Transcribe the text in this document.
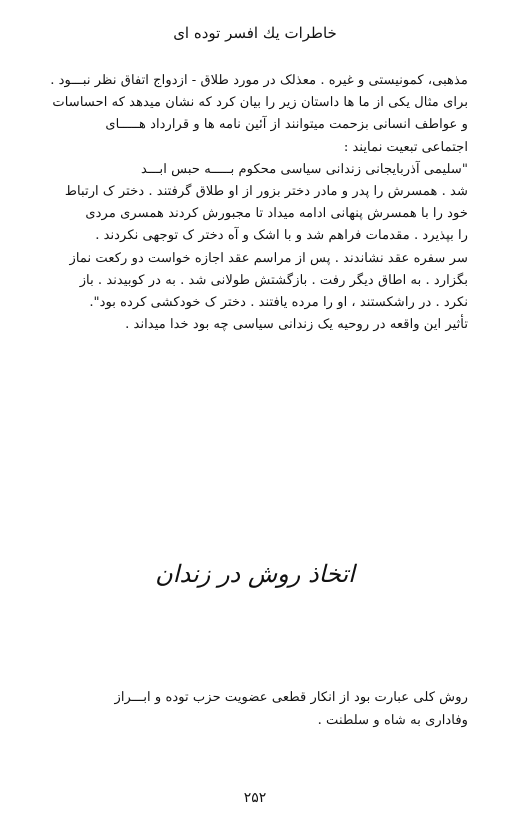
خاطرات يك افسر توده اى
مذهبی، کمونیستی و غیره . معذلک در مورد طلاق - ازدواج اتفاق نظر نبـــود .
برای مثال یکی از ما ها داستان زیر را بیان کرد که نشان میدهد که احساسات
و عواطف انسانی بزحمت میتوانند از آئین نامه ها و قرارداد هـــــای
اجتماعی تبعیت نمایند :
"سلیمی آذربایجانی زندانی سیاسی محکوم بـــــه حبس ابـــد
شد . همسرش را پدر و مادر دختر بزور از او طلاق گرفتند . دختر ک ارتباط
خود را با همسرش پنهانی ادامه میداد تا مجبورش کردند همسری مردی
را بپذیرد . مقدمات فراهم شد و با اشک و آه دختر ک توجهی نکردند .
سر سفره عقد نشاندند . پس از مراسم عقد اجازه خواست دو رکعت نماز
بگزارد . به اطاق دیگر رفت . بازگشتش طولانی شد . به در کوبیدند . باز
نکرد . در راشکستند ، او را مرده یافتند . دختر ک خودکشی کرده بود".
تأثیر این واقعه در روحیه یک زندانی سیاسی چه بود خدا میداند .
اتخاذ روش در زندان
روش کلی عبارت بود از انکار قطعی عضویت حزب توده و ابـــراز
وفاداری به شاه و سلطنت .
۲۵۲
